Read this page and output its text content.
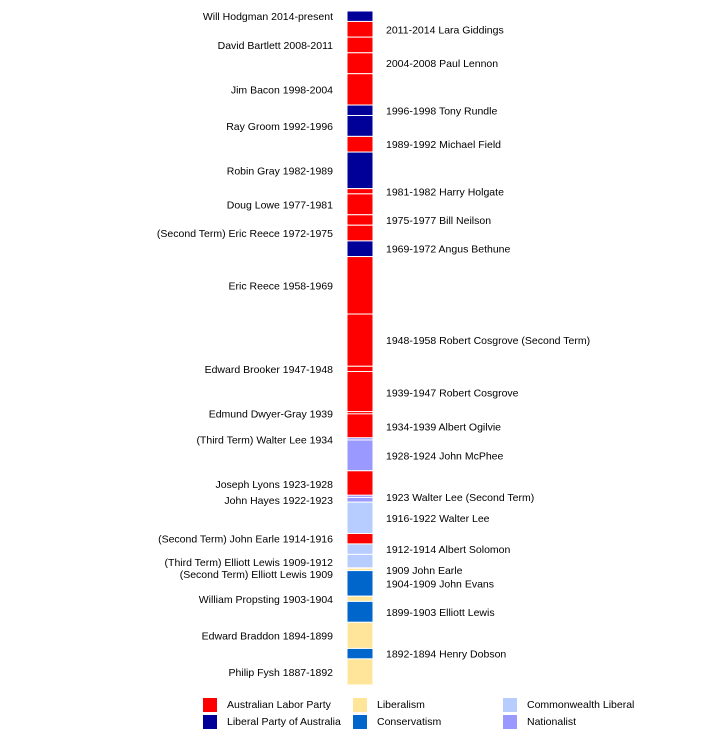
Will Hodgman 2014-present
David Bartlett 2008-2011
Jim Bacon 1998-2004
Ray Groom 1992-1996
Robin Gray 1982-1989
Doug Lowe 1977-1981
(Second Term) Eric Reece 1972-1975
Eric Reece 1958-1969
Edward Brooker 1947-1948
Edmund Dwyer-Gray 1939
(Third Term) Walter Lee 1934
Joseph Lyons 1923-1928
John Hayes 1922-1923
(Second Term) John Earle 1914-1916
(Third Term) Elliott Lewis 1909-1912
(Second Term) Elliott Lewis 1909
William Propsting 1903-1904
Edward Braddon 1894-1899
Philip Fysh 1887-1892
2011-2014 Lara Giddings
2004-2008 Paul Lennon
1996-1998 Tony Rundle
1989-1992 Michael Field
1981-1982 Harry Holgate
1975-1977 Bill Neilson
1969-1972 Angus Bethune
1948-1958 Robert Cosgrove (Second Term)
1939-1947 Robert Cosgrove
1934-1939 Albert Ogilvie
1928-1924 John McPhee
1923 Walter Lee (Second Term)
1916-1922 Walter Lee
1912-1914 Albert Solomon
1909 John Earle
1904-1909 John Evans
1899-1903 Elliott Lewis
1892-1894 Henry Dobson
Australian Labor Party
Liberal Party of Australia
Liberalism
Conservatism
Commonwealth Liberal
Nationalist
